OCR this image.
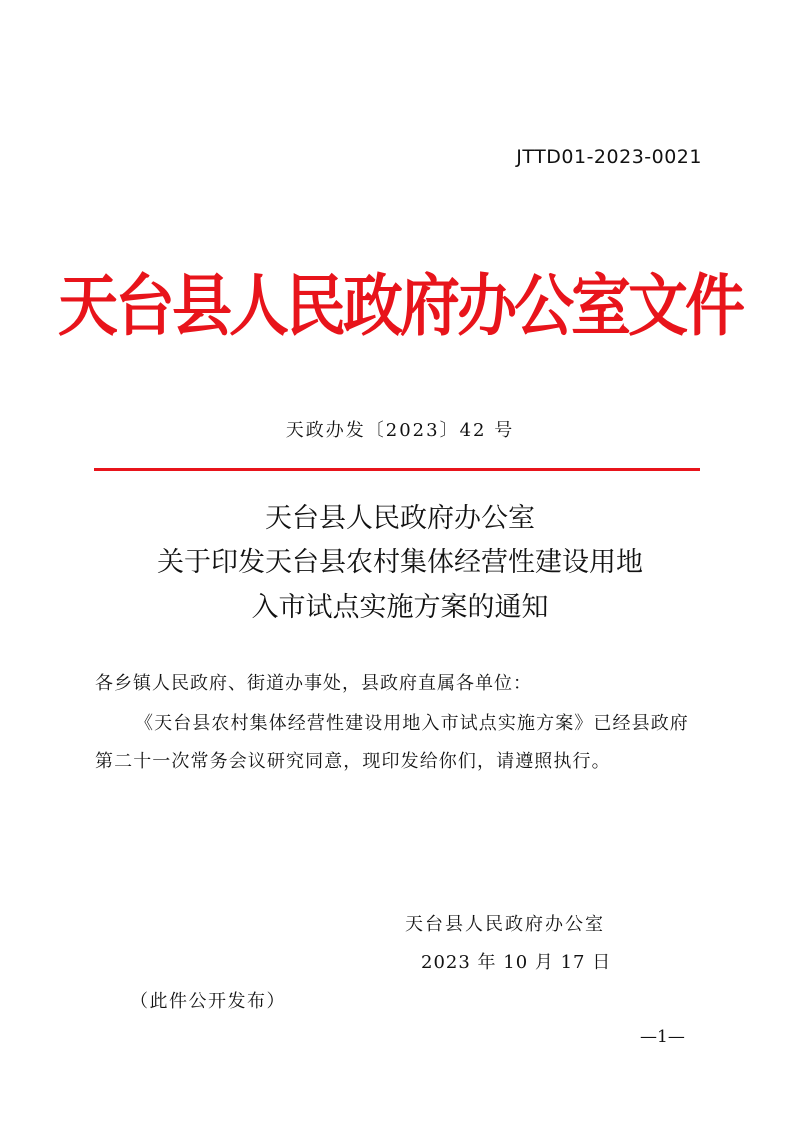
JTTD01-2023-0021
天台县人民政府办公室文件
天政办发〔2023〕42 号
天台县人民政府办公室
关于印发天台县农村集体经营性建设用地
入市试点实施方案的通知
各乡镇人民政府、街道办事处，县政府直属各单位：
《天台县农村集体经营性建设用地入市试点实施方案》已经县政府第二十一次常务会议研究同意，现印发给你们，请遵照执行。
天台县人民政府办公室
2023 年 10 月 17 日
（此件公开发布）
—1—
